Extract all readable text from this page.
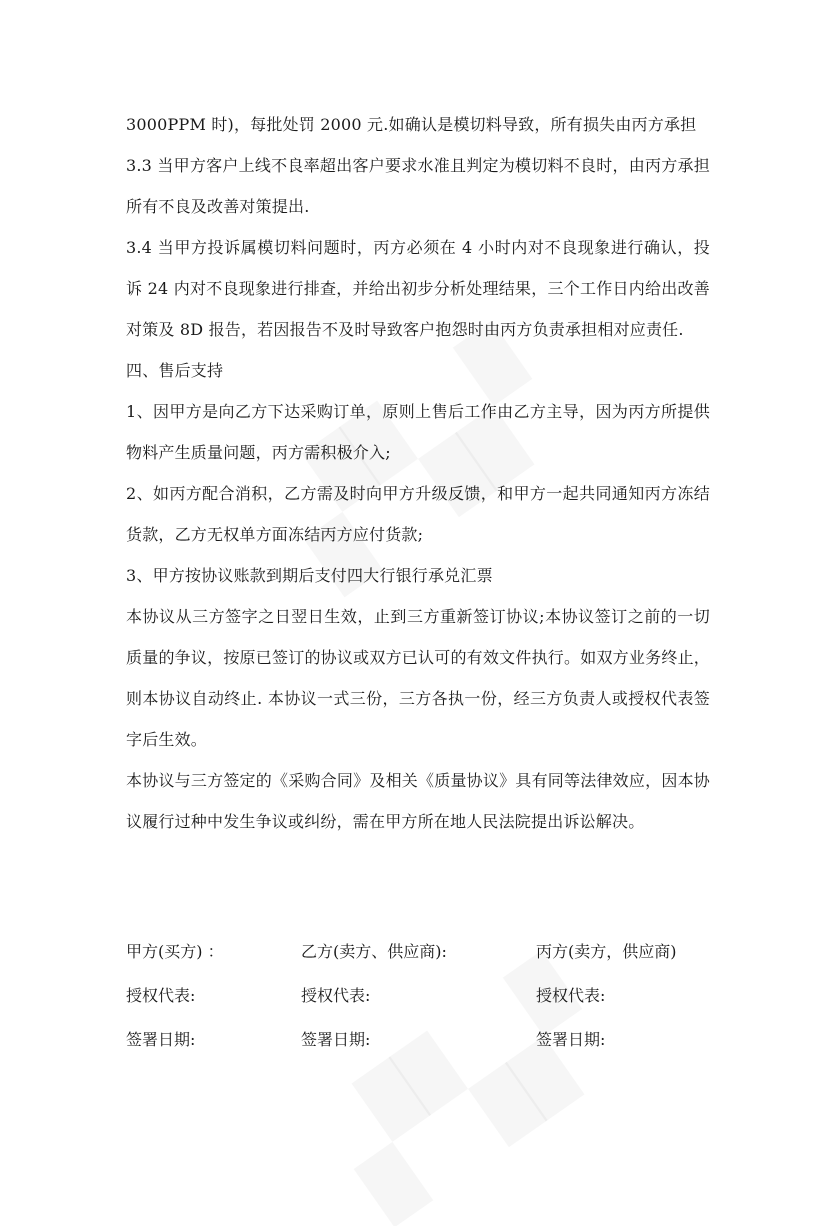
3000PPM 时)，每批处罚 2000 元.如确认是模切料导致，所有损失由丙方承担

3.3 当甲方客户上线不良率超出客户要求水准且判定为模切料不良时，由丙方承担所有不良及改善对策提出.

3.4 当甲方投诉属模切料问题时，丙方必须在 4 小时内对不良现象进行确认，投诉 24 内对不良现象进行排查，并给出初步分析处理结果，三个工作日内给出改善对策及 8D 报告，若因报告不及时导致客户抱怨时由丙方负责承担相对应责任.

四、售后支持

1、因甲方是向乙方下达采购订单，原则上售后工作由乙方主导，因为丙方所提供物料产生质量问题，丙方需积极介入;

2、如丙方配合消积，乙方需及时向甲方升级反馈，和甲方一起共同通知丙方冻结货款，乙方无权单方面冻结丙方应付货款;

3、甲方按协议账款到期后支付四大行银行承兑汇票

本协议从三方签字之日翌日生效，止到三方重新签订协议;本协议签订之前的一切质量的争议，按原已签订的协议或双方已认可的有效文件执行。如双方业务终止，则本协议自动终止. 本协议一式三份，三方各执一份，经三方负责人或授权代表签字后生效。

本协议与三方签定的《采购合同》及相关《质量协议》具有同等法律效应，因本协议履行过种中发生争议或纠纷，需在甲方所在地人民法院提出诉讼解决。

甲方(买方) ：	乙方(卖方、供应商):	丙方(卖方，供应商)
授权代表:	授权代表:	授权代表:
签署日期:	签署日期:	签署日期:
